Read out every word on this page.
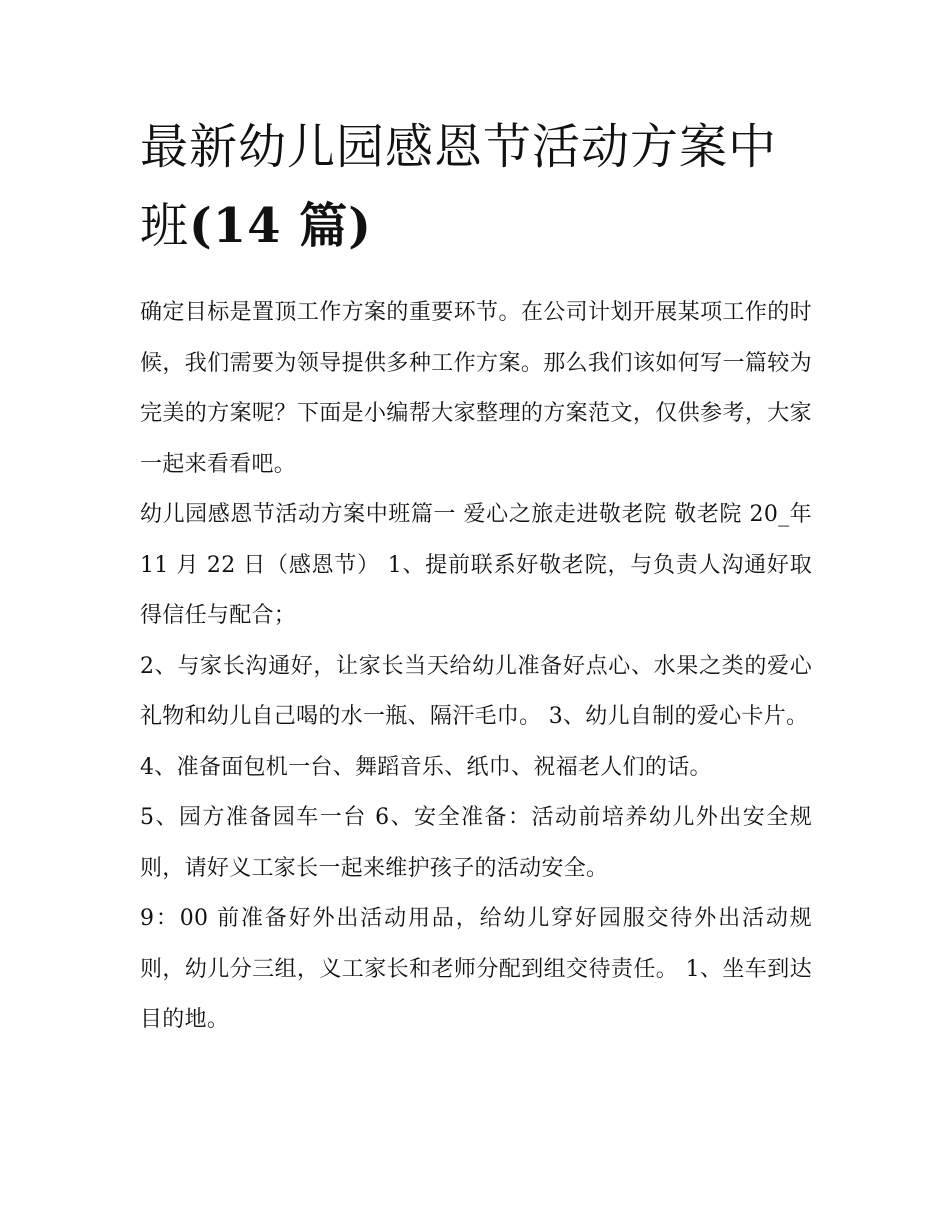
最新幼儿园感恩节活动方案中
班(14 篇)

确定目标是置顶工作方案的重要环节。在公司计划开展某项工作的时候，我们需要为领导提供多种工作方案。那么我们该如何写一篇较为完美的方案呢？下面是小编帮大家整理的方案范文，仅供参考，大家一起来看看吧。

幼儿园感恩节活动方案中班篇一 爱心之旅走进敬老院 敬老院 20_年 11 月 22 日（感恩节） 1、提前联系好敬老院，与负责人沟通好取得信任与配合；

2、与家长沟通好，让家长当天给幼儿准备好点心、水果之类的爱心礼物和幼儿自己喝的水一瓶、隔汗毛巾。 3、幼儿自制的爱心卡片。

4、准备面包机一台、舞蹈音乐、纸巾、祝福老人们的话。

5、园方准备园车一台 6、安全准备：活动前培养幼儿外出安全规则，请好义工家长一起来维护孩子的活动安全。

9：00 前准备好外出活动用品，给幼儿穿好园服交待外出活动规则，幼儿分三组，义工家长和老师分配到组交待责任。 1、坐车到达目的地。
